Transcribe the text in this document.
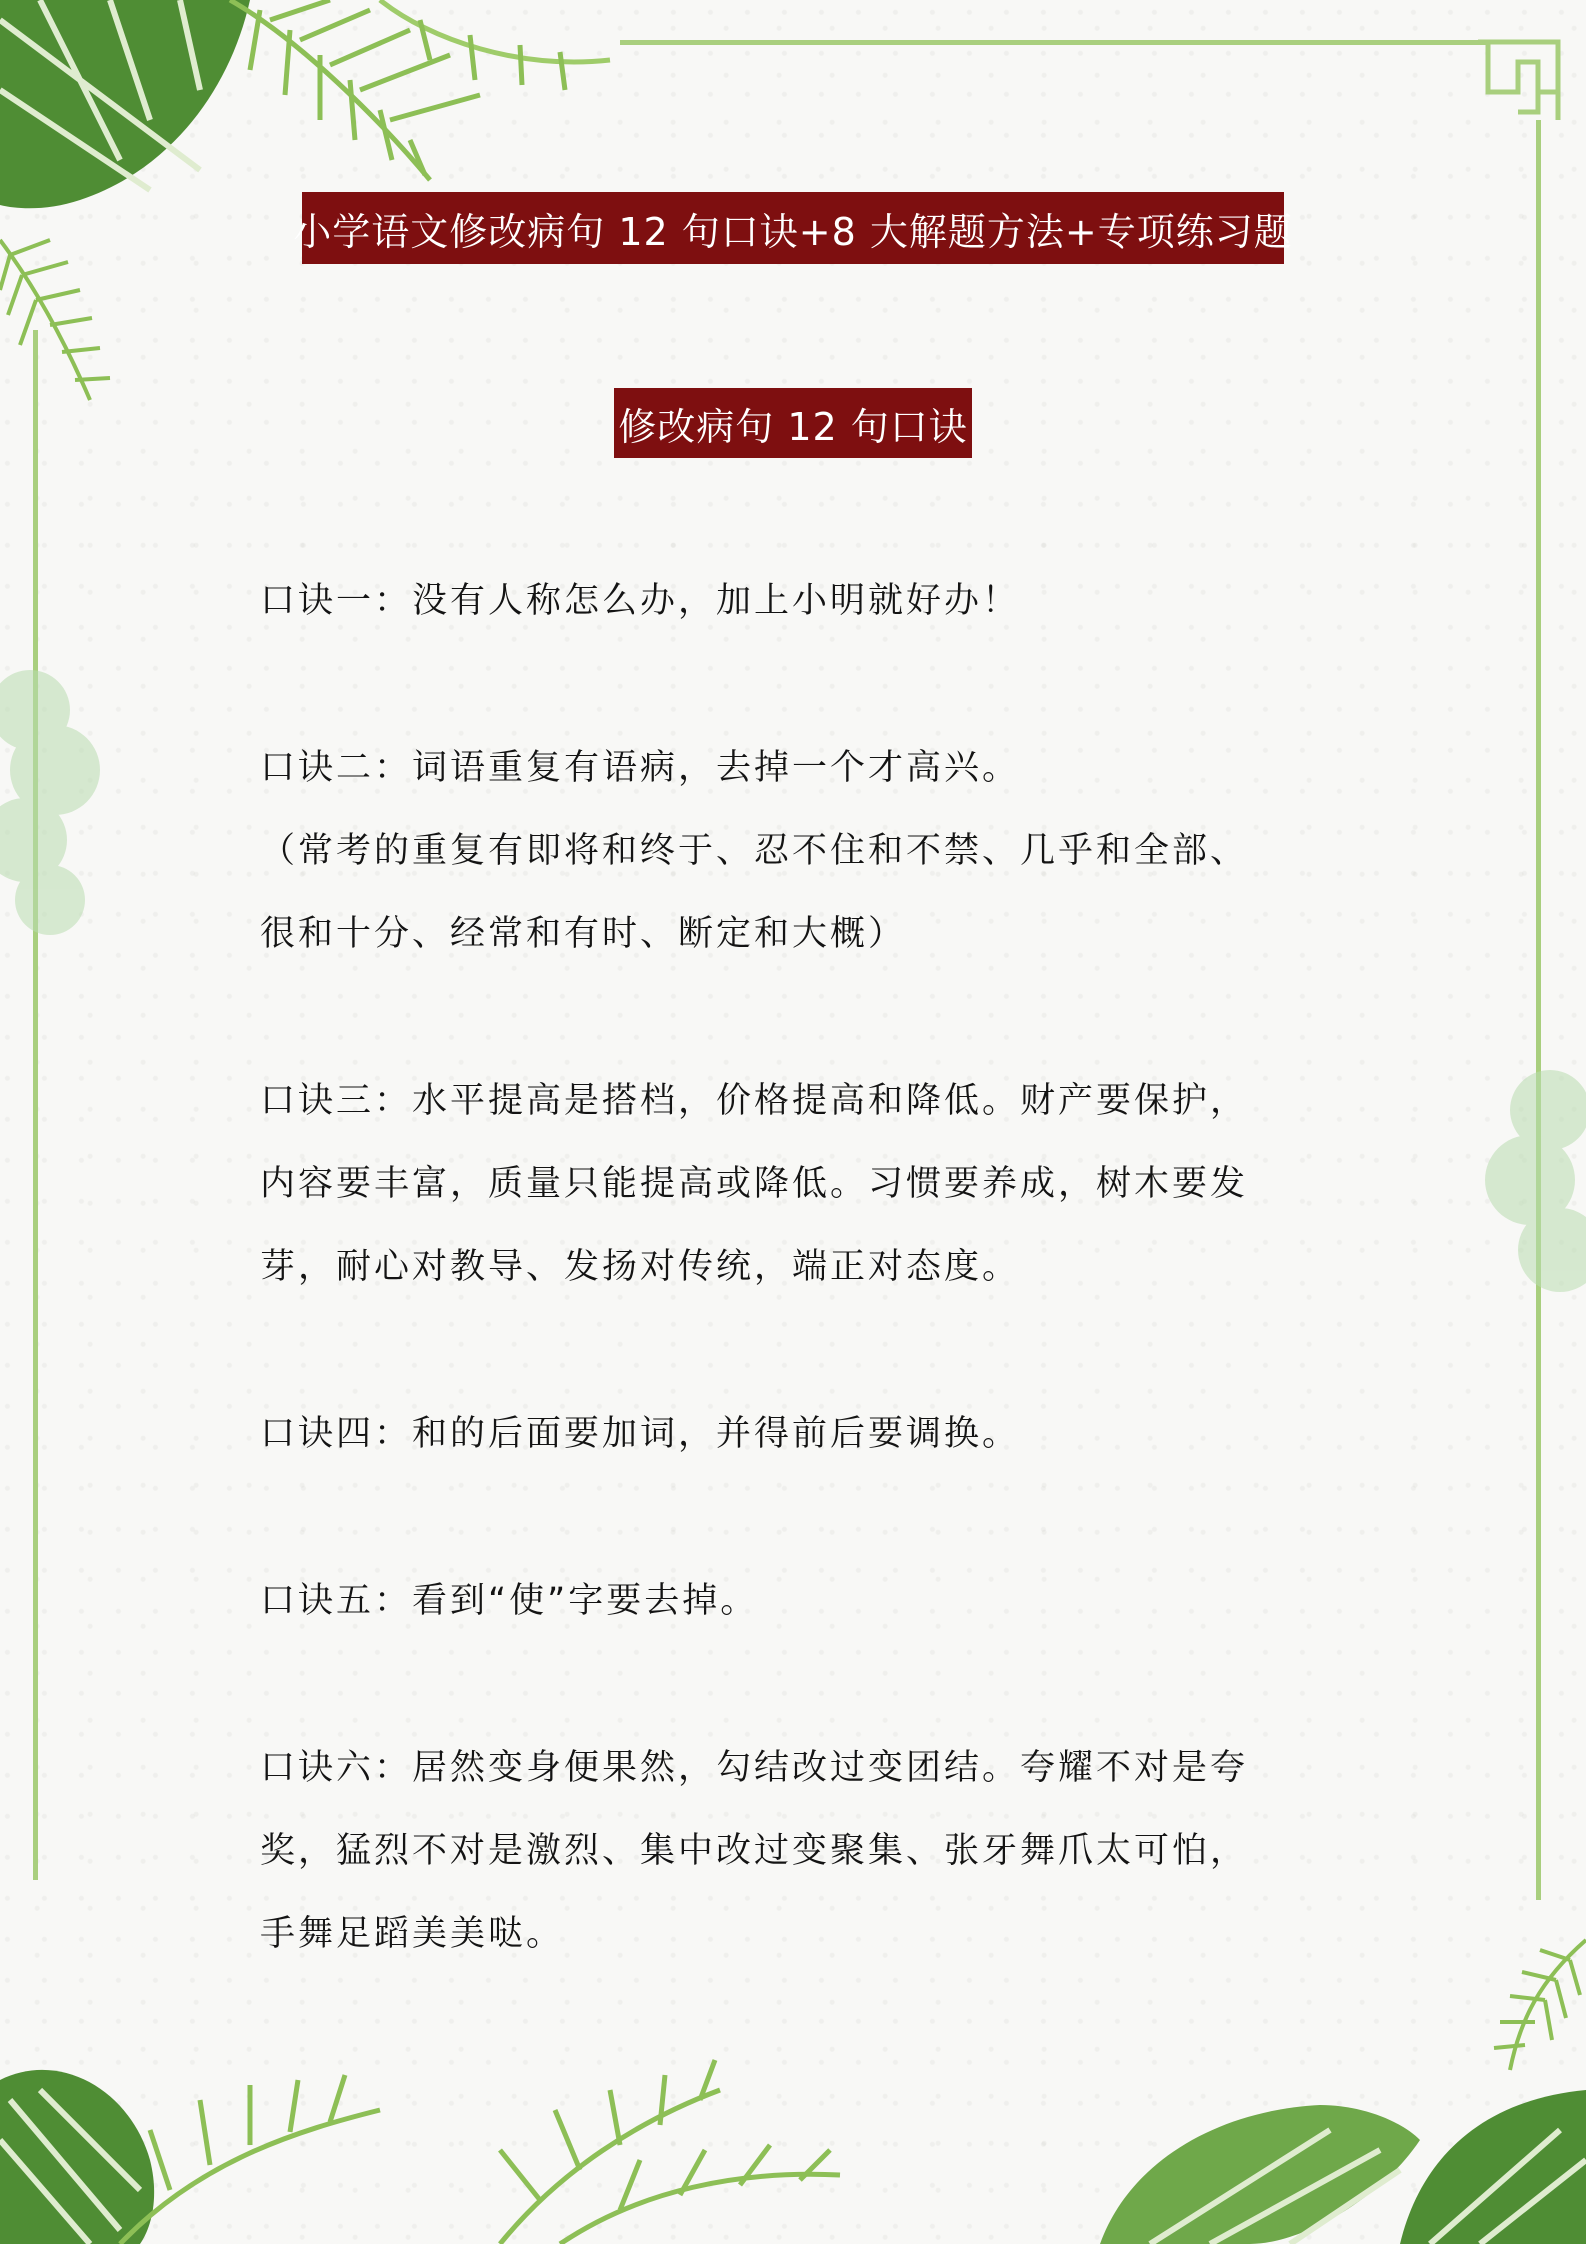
小学语文修改病句 12 句口诀+8 大解题方法+专项练习题
修改病句 12 句口诀

口诀一：没有人称怎么办，加上小明就好办！

口诀二：词语重复有语病，去掉一个才高兴。

（常考的重复有即将和终于、忍不住和不禁、几乎和全部、

很和十分、经常和有时、断定和大概）

口诀三：水平提高是搭档，价格提高和降低。财产要保护，

内容要丰富，质量只能提高或降低。习惯要养成，树木要发

芽，耐心对教导、发扬对传统，端正对态度。

口诀四：和的后面要加词，并得前后要调换。

口诀五：看到“使”字要去掉。

口诀六：居然变身便果然，勾结改过变团结。夸耀不对是夸

奖，猛烈不对是激烈、集中改过变聚集、张牙舞爪太可怕，

手舞足蹈美美哒。
